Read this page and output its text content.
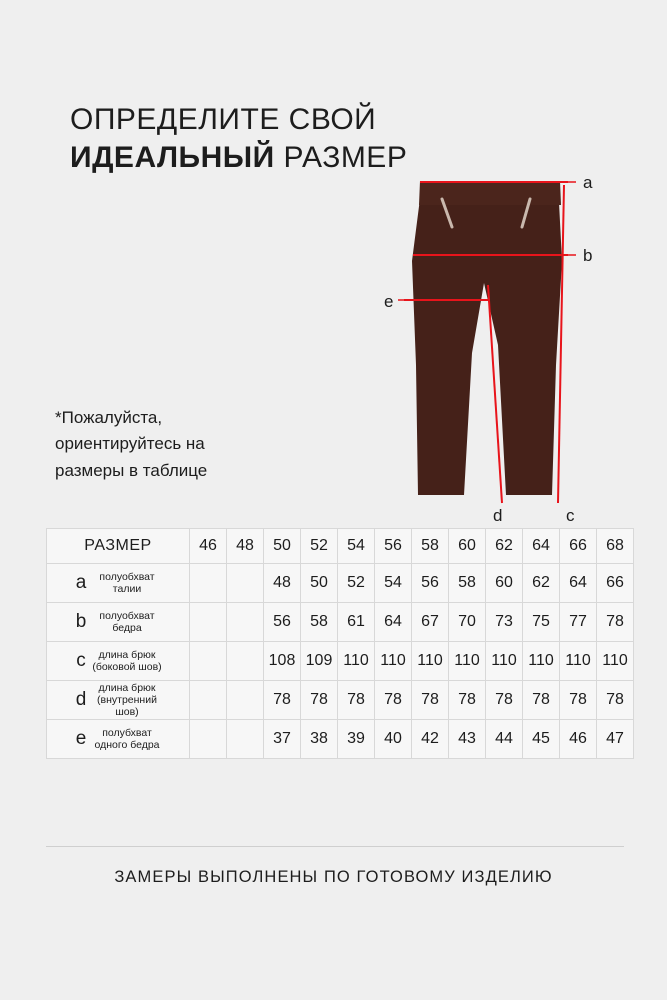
ОПРЕДЕЛИТЕ СВОЙ
ИДЕАЛЬНЫЙ РАЗМЕР
*Пожалуйста, ориентируйтесь на размеры в таблице
a
b
e
d	c
РАЗМЕР	46	48	50	52	54	56	58	60	62	64	66	68
a полуобхват талии			48	50	52	54	56	58	60	62	64	66
b полуобхват бедра			56	58	61	64	67	70	73	75	77	78
c длина брюк (боковой шов)			108	109	110	110	110	110	110	110	110	110
dдлина брюк (внутренний шов)			78	78	78	78	78	78	78	78	78	78
e полубхват одного бедра			37	38	39	40	42	43	44	45	46	47
ЗАМЕРЫ ВЫПОЛНЕНЫ ПО ГОТОВОМУ ИЗДЕЛИЮ
